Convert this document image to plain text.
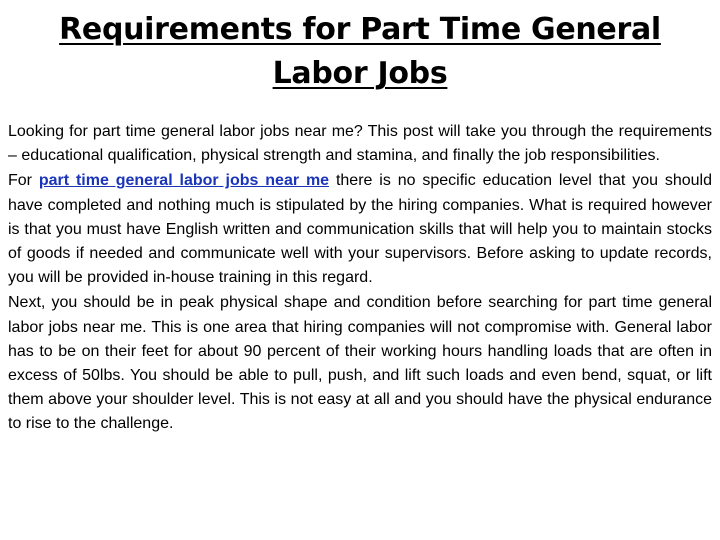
Requirements for Part Time General Labor Jobs

Looking for part time general labor jobs near me? This post will take you through the requirements – educational qualification, physical strength and stamina, and finally the job responsibilities.

For part time general labor jobs near me there is no specific education level that you should have completed and nothing much is stipulated by the hiring companies. What is required however is that you must have English written and communication skills that will help you to maintain stocks of goods if needed and communicate well with your supervisors. Before asking to update records, you will be provided in-house training in this regard.

Next, you should be in peak physical shape and condition before searching for part time general labor jobs near me. This is one area that hiring companies will not compromise with. General labor has to be on their feet for about 90 percent of their working hours handling loads that are often in excess of 50lbs. You should be able to pull, push, and lift such loads and even bend, squat, or lift them above your shoulder level. This is not easy at all and you should have the physical endurance to rise to the challenge.
